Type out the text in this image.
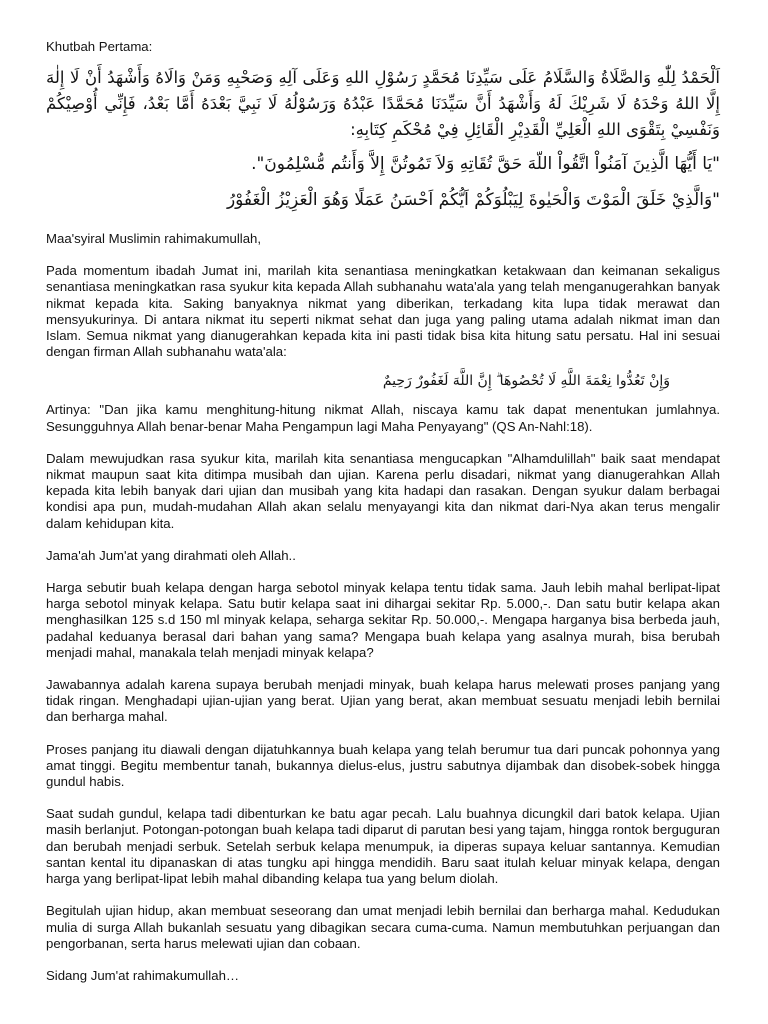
Khutbah Pertama:

اَلْحَمْدُ لِلّٰهِ وَالصَّلَاةُ وَالسَّلَامُ عَلَى سَيِّدِنَا مُحَمَّدٍ رَسُوْلِ اللهِ وَعَلَى آلِهِ وَصَحْبِهِ وَمَنْ وَالَاهُ وَأَشْهَدُ أَنْ لَا إِلٰهَ إِلَّا اللهُ وَحْدَهُ لَا شَرِيْكَ لَهُ وَأَشْهَدُ أَنَّ سَيِّدَنَا مُحَمَّدًا عَبْدُهُ وَرَسُوْلُهُ لَا نَبِيَّ بَعْدَهُ أَمَّا بَعْدُ، فَإِنِّي أُوْصِيْكُمْ وَنَفْسِيْ بِتَقْوَى اللهِ الْعَلِيِّ الْقَدِيْرِ الْقَائِلِ فِيْ مُحْكَمِ كِتَابِهِ:

"يَا أَيُّهَا الَّذِينَ آمَنُواْ اتَّقُواْ اللّهَ حَقَّ تُقَاتِهِ وَلاَ تَمُوتُنَّ إِلاَّ وَأَنتُم مُّسْلِمُونَ".

"وَالَّذِيْ خَلَقَ الْمَوْتَ وَالْحَيٰوةَ لِيَبْلُوَكُمْ اَيُّكُمْ اَحْسَنُ عَمَلًا وَهُوَ الْعَزِيْزُ الْغَفُوْرُ

Maa'syiral Muslimin rahimakumullah,

Pada momentum ibadah Jumat ini, marilah kita senantiasa meningkatkan ketakwaan dan keimanan sekaligus senantiasa meningkatkan rasa syukur kita kepada Allah subhanahu wata'ala yang telah menganugerahkan banyak nikmat kepada kita. Saking banyaknya nikmat yang diberikan, terkadang kita lupa tidak merawat dan mensyukurinya. Di antara nikmat itu seperti nikmat sehat dan juga yang paling utama adalah nikmat iman dan Islam. Semua nikmat yang dianugerahkan kepada kita ini pasti tidak bisa kita hitung satu persatu. Hal ini sesuai dengan firman Allah subhanahu wata'ala:

وَإِنْ تَعُدُّوا نِعْمَةَ اللَّهِ لَا تُحْصُوهَا ۗ إِنَّ اللَّهَ لَغَفُورٌ رَحِيمٌ

Artinya: "Dan jika kamu menghitung-hitung nikmat Allah, niscaya kamu tak dapat menentukan jumlahnya. Sesungguhnya Allah benar-benar Maha Pengampun lagi Maha Penyayang" (QS An-Nahl:18).

Dalam mewujudkan rasa syukur kita, marilah kita senantiasa mengucapkan "Alhamdulillah" baik saat mendapat nikmat maupun saat kita ditimpa musibah dan ujian. Karena perlu disadari, nikmat yang dianugerahkan Allah kepada kita lebih banyak dari ujian dan musibah yang kita hadapi dan rasakan. Dengan syukur dalam berbagai kondisi apa pun, mudah-mudahan Allah akan selalu menyayangi kita dan nikmat dari-Nya akan terus mengalir dalam kehidupan kita.

Jama'ah Jum'at yang dirahmati oleh Allah..

Harga sebutir buah kelapa dengan harga sebotol minyak kelapa tentu tidak sama. Jauh lebih mahal berlipat-lipat harga sebotol minyak kelapa. Satu butir kelapa saat ini dihargai sekitar Rp. 5.000,-. Dan satu butir kelapa akan menghasilkan 125 s.d 150 ml minyak kelapa, seharga sekitar Rp. 50.000,-. Mengapa harganya bisa berbeda jauh, padahal keduanya berasal dari bahan yang sama? Mengapa buah kelapa yang asalnya murah, bisa berubah menjadi mahal, manakala telah menjadi minyak kelapa?

Jawabannya adalah karena supaya berubah menjadi minyak, buah kelapa harus melewati proses panjang yang tidak ringan. Menghadapi ujian-ujian yang berat. Ujian yang berat, akan membuat sesuatu menjadi lebih bernilai dan berharga mahal.

Proses panjang itu diawali dengan dijatuhkannya buah kelapa yang telah berumur tua dari puncak pohonnya yang amat tinggi. Begitu membentur tanah, bukannya dielus-elus, justru sabutnya dijambak dan disobek-sobek hingga gundul habis.

Saat sudah gundul, kelapa tadi dibenturkan ke batu agar pecah. Lalu buahnya dicungkil dari batok kelapa. Ujian masih berlanjut. Potongan-potongan buah kelapa tadi diparut di parutan besi yang tajam, hingga rontok berguguran dan berubah menjadi serbuk. Setelah serbuk kelapa menumpuk, ia diperas supaya keluar santannya. Kemudian santan kental itu dipanaskan di atas tungku api hingga mendidih. Baru saat itulah keluar minyak kelapa, dengan harga yang berlipat-lipat lebih mahal dibanding kelapa tua yang belum diolah.

Begitulah ujian hidup, akan membuat seseorang dan umat menjadi lebih bernilai dan berharga mahal. Kedudukan mulia di surga Allah bukanlah sesuatu yang dibagikan secara cuma-cuma. Namun membutuhkan perjuangan dan pengorbanan, serta harus melewati ujian dan cobaan.

Sidang Jum'at rahimakumullah…
